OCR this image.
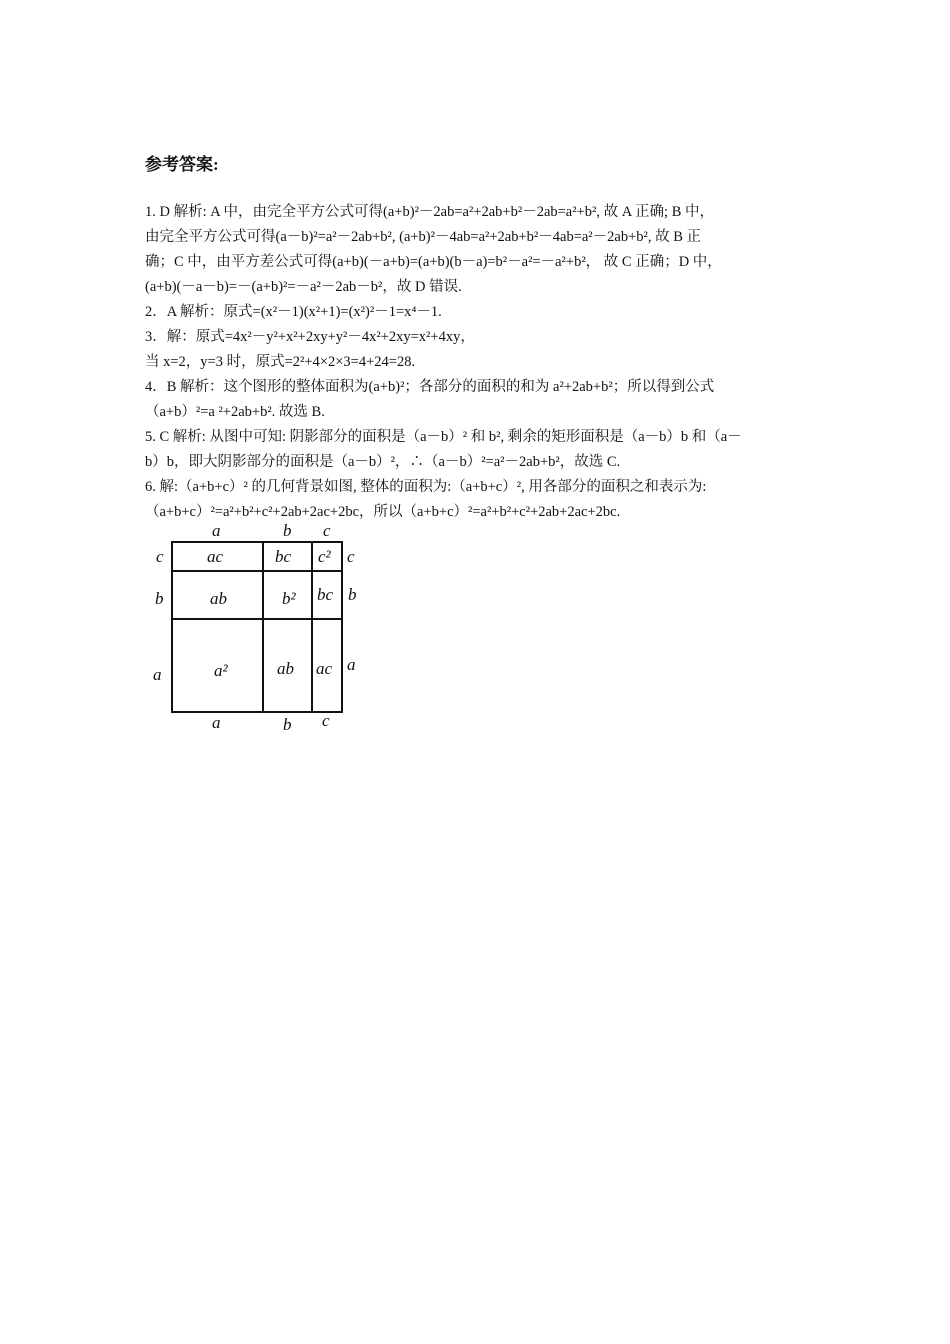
参考答案:
1. D 解析: A 中，由完全平方公式可得(a+b)²－2ab=a²+2ab+b²－2ab=a²+b², 故 A 正确; B 中，
由完全平方公式可得(a－b)²=a²－2ab+b², (a+b)²－4ab=a²+2ab+b²－4ab=a²－2ab+b², 故 B 正
确；C 中，由平方差公式可得(a+b)(－a+b)=(a+b)(b－a)=b²－a²=－a²+b²， 故 C 正确；D 中，
(a+b)(－a－b)=－(a+b)²=－a²－2ab－b²，故 D 错误.
2．A 解析：原式=(x²－1)(x²+1)=(x²)²－1=x⁴－1.
3．解：原式=4x²－y²+x²+2xy+y²－4x²+2xy=x²+4xy，
当 x=2，y=3 时，原式=2²+4×2×3=4+24=28.
4．B 解析：这个图形的整体面积为(a+b)²；各部分的面积的和为 a²+2ab+b²；所以得到公式
（a+b）²=a ²+2ab+b². 故选 B.
5. C 解析: 从图中可知: 阴影部分的面积是（a－b）² 和 b², 剩余的矩形面积是（a－b）b 和（a－
b）b，即大阴影部分的面积是（a－b）²，∴（a－b）²=a²－2ab+b²，故选 C.
6. 解:（a+b+c）² 的几何背景如图, 整体的面积为:（a+b+c）², 用各部分的面积之和表示为:
（a+b+c）²=a²+b²+c²+2ab+2ac+2bc，所以（a+b+c）²=a²+b²+c²+2ab+2ac+2bc.
a	b c
a	b c
c
b
a
c
b
a
ac	bc c²
ab	b² bc
a²	ab ac
